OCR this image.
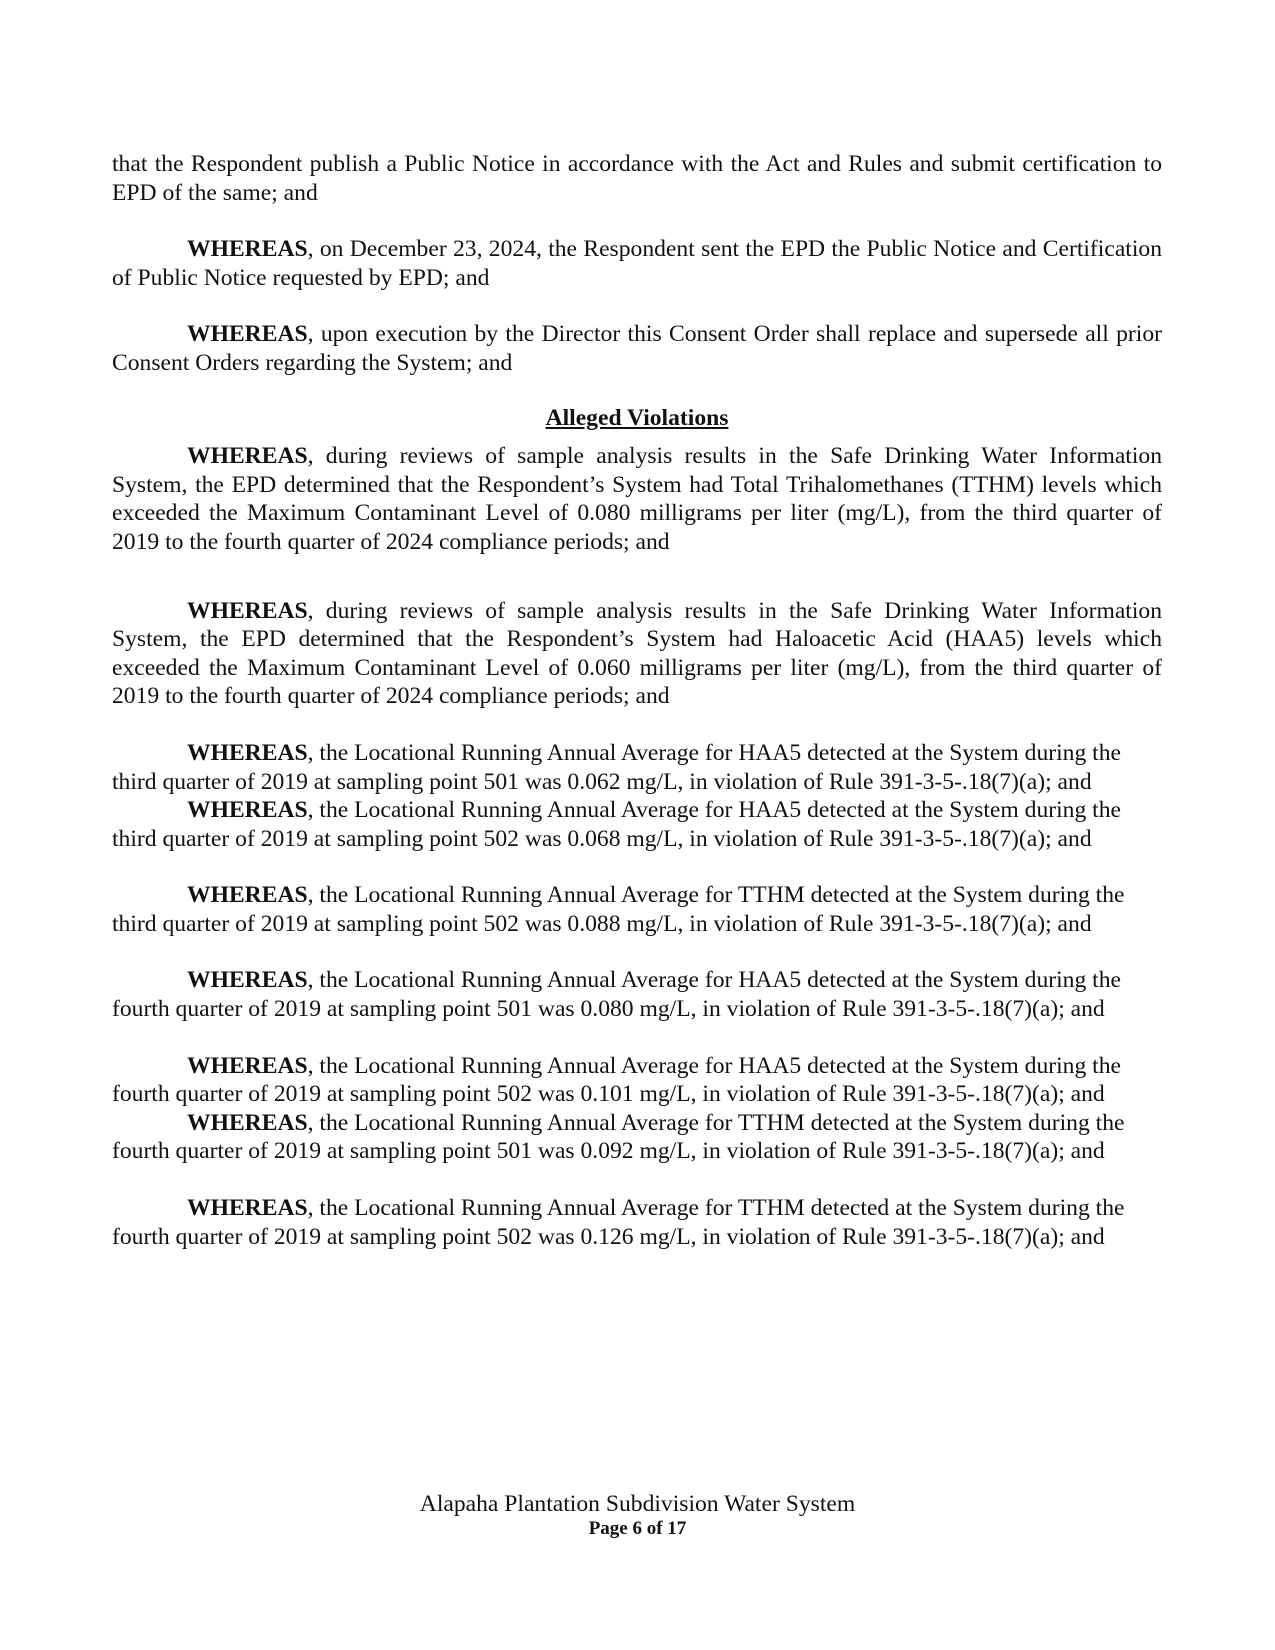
that the Respondent publish a Public Notice in accordance with the Act and Rules and submit certification to EPD of the same; and

WHEREAS, on December 23, 2024, the Respondent sent the EPD the Public Notice and Certification of Public Notice requested by EPD; and

WHEREAS, upon execution by the Director this Consent Order shall replace and supersede all prior Consent Orders regarding the System; and

Alleged Violations

WHEREAS, during reviews of sample analysis results in the Safe Drinking Water Information System, the EPD determined that the Respondent’s System had Total Trihalomethanes (TTHM) levels which exceeded the Maximum Contaminant Level of 0.080 milligrams per liter (mg/L), from the third quarter of 2019 to the fourth quarter of 2024 compliance periods; and

WHEREAS, during reviews of sample analysis results in the Safe Drinking Water Information System, the EPD determined that the Respondent’s System had Haloacetic Acid (HAA5) levels which exceeded the Maximum Contaminant Level of 0.060 milligrams per liter (mg/L), from the third quarter of 2019 to the fourth quarter of 2024 compliance periods; and

WHEREAS, the Locational Running Annual Average for HAA5 detected at the System during the third quarter of 2019 at sampling point 501 was 0.062 mg/L, in violation of Rule 391-3-5-.18(7)(a); and

WHEREAS, the Locational Running Annual Average for HAA5 detected at the System during the third quarter of 2019 at sampling point 502 was 0.068 mg/L, in violation of Rule 391-3-5-.18(7)(a); and

WHEREAS, the Locational Running Annual Average for TTHM detected at the System during the third quarter of 2019 at sampling point 502 was 0.088 mg/L, in violation of Rule 391-3-5-.18(7)(a); and

WHEREAS, the Locational Running Annual Average for HAA5 detected at the System during the fourth quarter of 2019 at sampling point 501 was 0.080 mg/L, in violation of Rule 391-3-5-.18(7)(a); and

WHEREAS, the Locational Running Annual Average for HAA5 detected at the System during the fourth quarter of 2019 at sampling point 502 was 0.101 mg/L, in violation of Rule 391-3-5-.18(7)(a); and

WHEREAS, the Locational Running Annual Average for TTHM detected at the System during the fourth quarter of 2019 at sampling point 501 was 0.092 mg/L, in violation of Rule 391-3-5-.18(7)(a); and

WHEREAS, the Locational Running Annual Average for TTHM detected at the System during the fourth quarter of 2019 at sampling point 502 was 0.126 mg/L, in violation of Rule 391-3-5-.18(7)(a); and

Alapaha Plantation Subdivision Water System
Page 6 of 17
